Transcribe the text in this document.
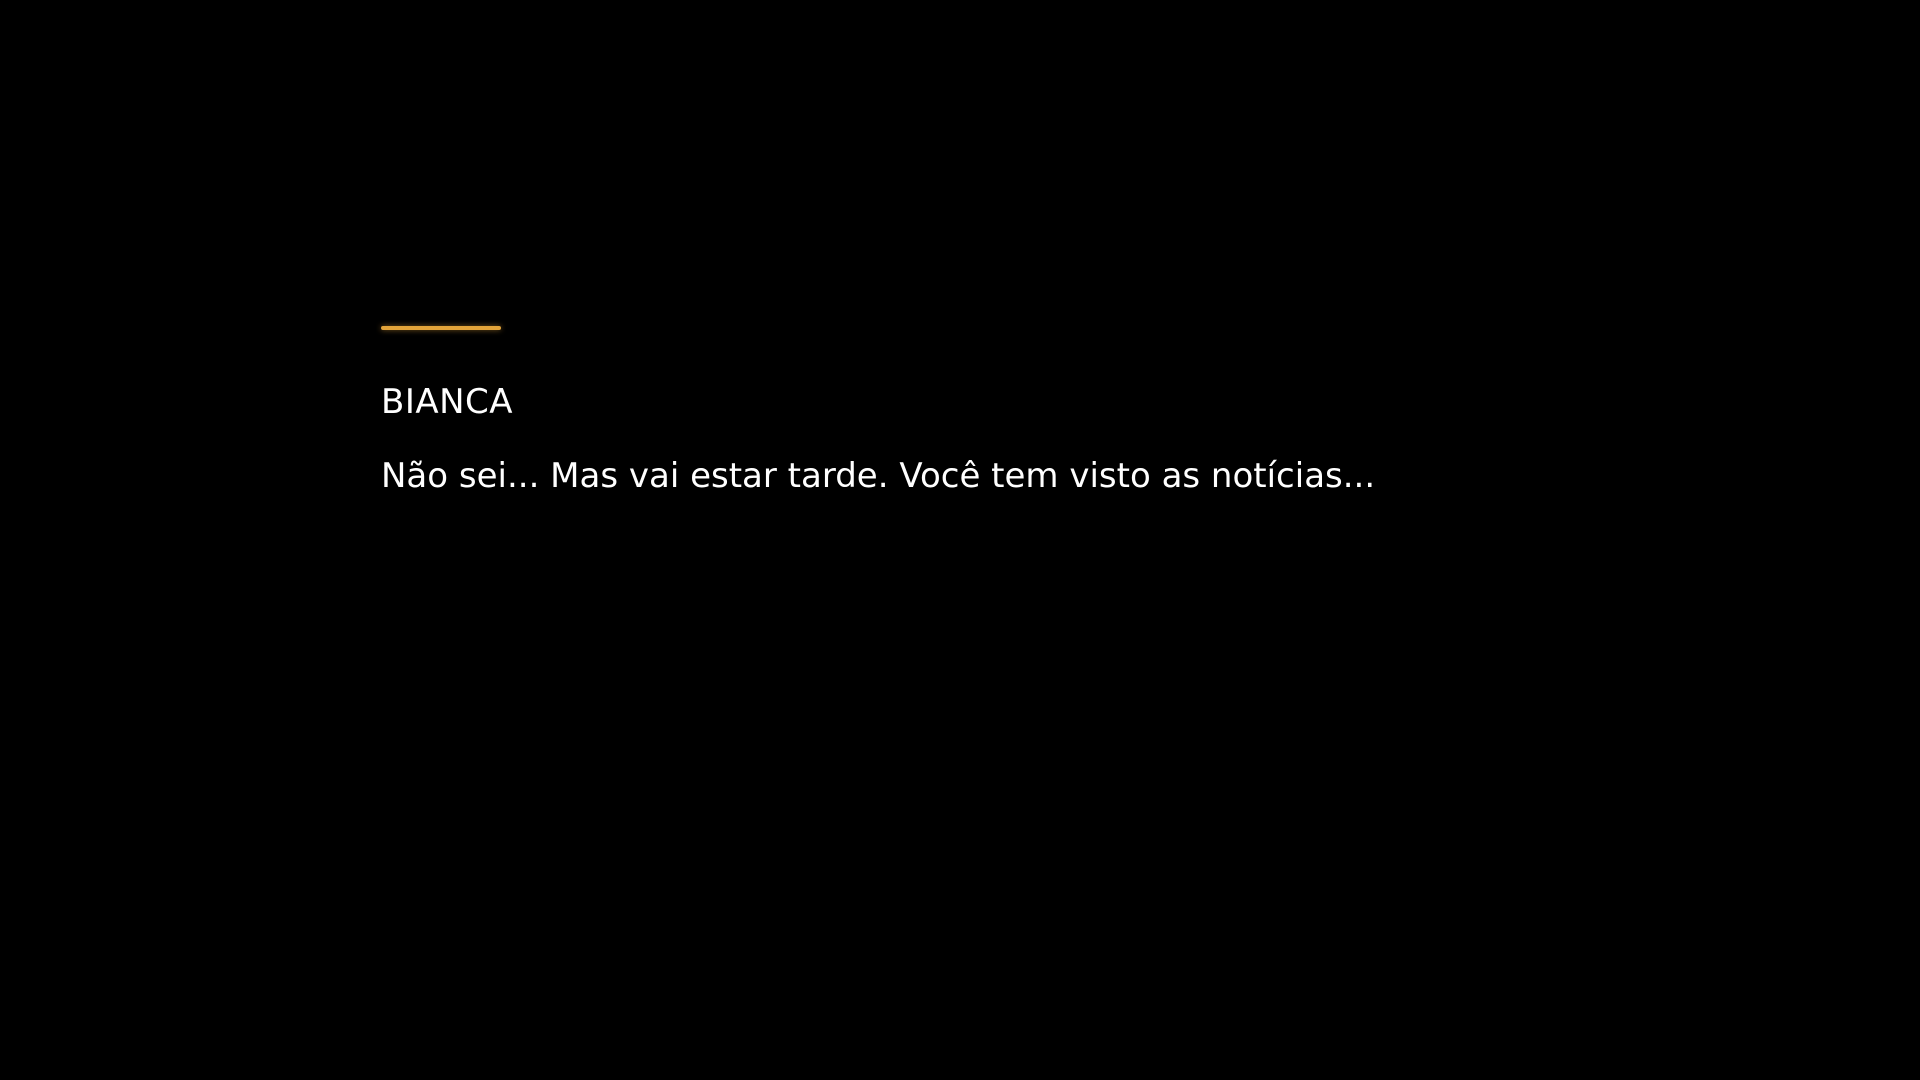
BIANCA
Não sei... Mas vai estar tarde. Você tem visto as notícias...
